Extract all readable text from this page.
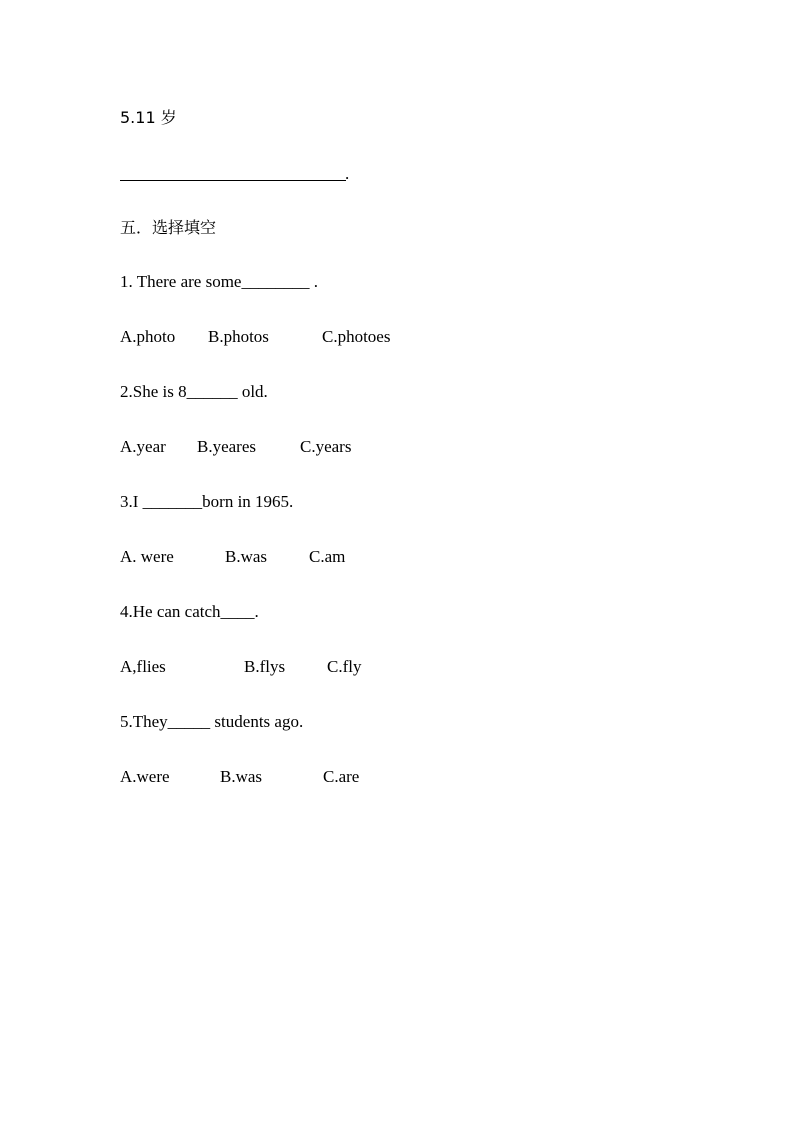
5.11 岁
.
五．选择填空
1. There are some________ .
A.photo B.photos	C.photoes
2.She is 8______ old.
A.year B.yeares	C.years
3.I _______born in 1965.
A. were	B.was C.am
4.He can catch____.
A,flies	B.flys C.fly
5.They_____ students ago.
A.were	B.was	C.are
